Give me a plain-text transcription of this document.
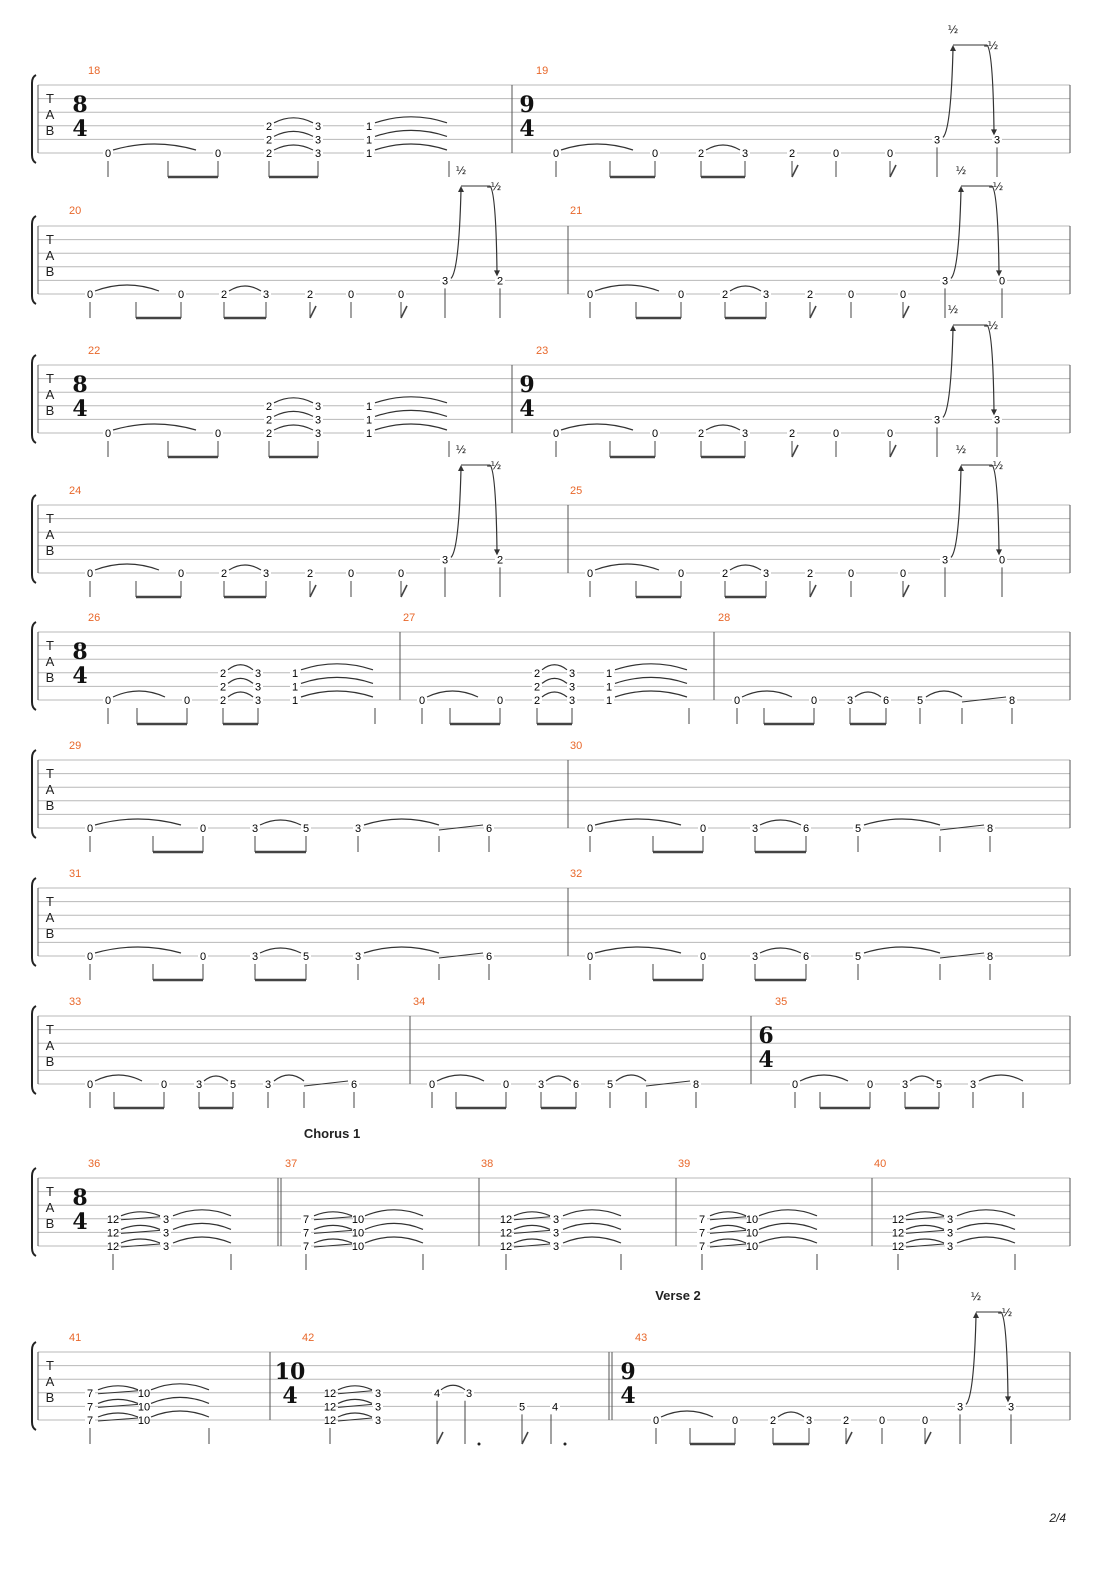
T
A
B
18	19
8
4
9
4
0	0
2	3	1
2	3	1
2	3	1	0	0	2	3	2	0	0
3	3
½
-½
T
A
B
20	21
0	0	2	3	2	0	0
3	2
½
-½
0	0	2	3	2	0	0
3	0
½
-½
T
A
B
22	23
8
4
9
4
0	0
2	3	1
2	3	1
2	3	1	0	0	2	3	2	0	0
3	3
½
-½
T
A
B
24	25
0	0	2	3	2	0	0
3	2
½
-½
0	0	2	3	2	0	0
3	0
½
-½
T
A
B
26	27	28
8
4
0	0
2	3	1
2	3	1
2	3	1	0	0
2	3	1
2	3	1
2	3	1	0	0	3	6	5	8
T
A
B
29	30
0	0	3	5	3	6	0	0	3	6	5	8
T
A
B
31	32
0	0	3	5	3	6	0	0	3	6	5	8
T
A
B
33	34	35
6
4
0	0	3	5	3	6	0	0	3	6	5	8	0	0	3	5	3
Chorus 1
T
A
B
36	37	38	39	40
8
4 12	3
12	3
12	3
7	10
7	10
7	10
12	3
12	3
12	3
7	10
7	10
7	10
12	3
12	3
12	3
Verse 2
T
A
B
41	42	43
10
4
9
4
7	10
7	10
7	10
12	3
12	3
12	3
4 3
5 4
0	0	2	3	2	0	0
3	3
½
-½
2/4
